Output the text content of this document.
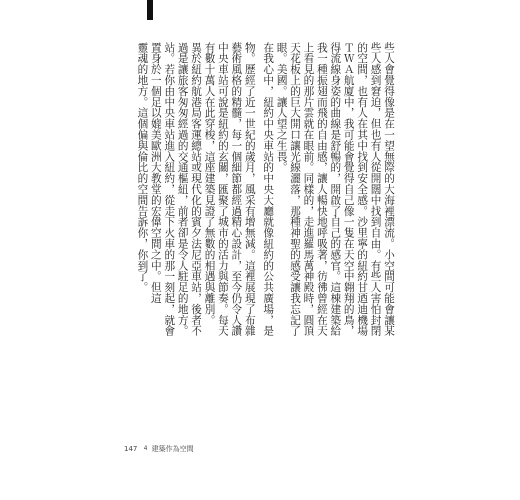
些人會覺得像是在一望無際的大海裡漂流。小空間可能會讓某
些人感到窘迫，但也有人從開闊中找到自由。有些人害怕封閉
的空間，也有人在其中找到安全感。沙里寧的紐約甘迺迪機場
ＴＷＡ航廈中，我可能會覺得自己像一隻在天空中翱翔的鳥，
得流線身姿的曲線是舒暢的，開啟了自己的感官。這棟建築給
我一種振翅而飛的自由感，讓人暢快地呼吸著，彷彿曾經在天
上看見的那片雲就在眼前。同樣的，走進羅馬萬神殿時，圓頂
天花板上的巨大開口讓光線灑落，那種神聖的感受讓我忘記了
眼。美國。讓人望之生畏。
在我心中，紐約中央車站的中央大廳就像紐約的公共廣場，是
物。歷經了近一世紀的歲月，風采有增無減。這裡展現了布雜
藝術風格的精髓，每一個細節都經過精心設計，至今仍令人讚
中央車站可說是紐約的玄關，匯聚了城市的活力與節奏。每天
有數十萬人在此穿梭，這座建築見證了無數的相遇與離別。
異於紐約航港局客運總站或現代化的賓夕法尼亞車站，後者不
過是讓旅客匆匆經過的交通樞紐，前者卻是令人駐足的地方。
站。若你由中央車站進入紐約，從走下火車的那一刻起，就會
置身於一個足以媲美歐洲大教堂的宏偉空間之中。但這
靈魂的地方。這個偏與倫比的空間告訴你，你到了。
147 4 建築作為空間
